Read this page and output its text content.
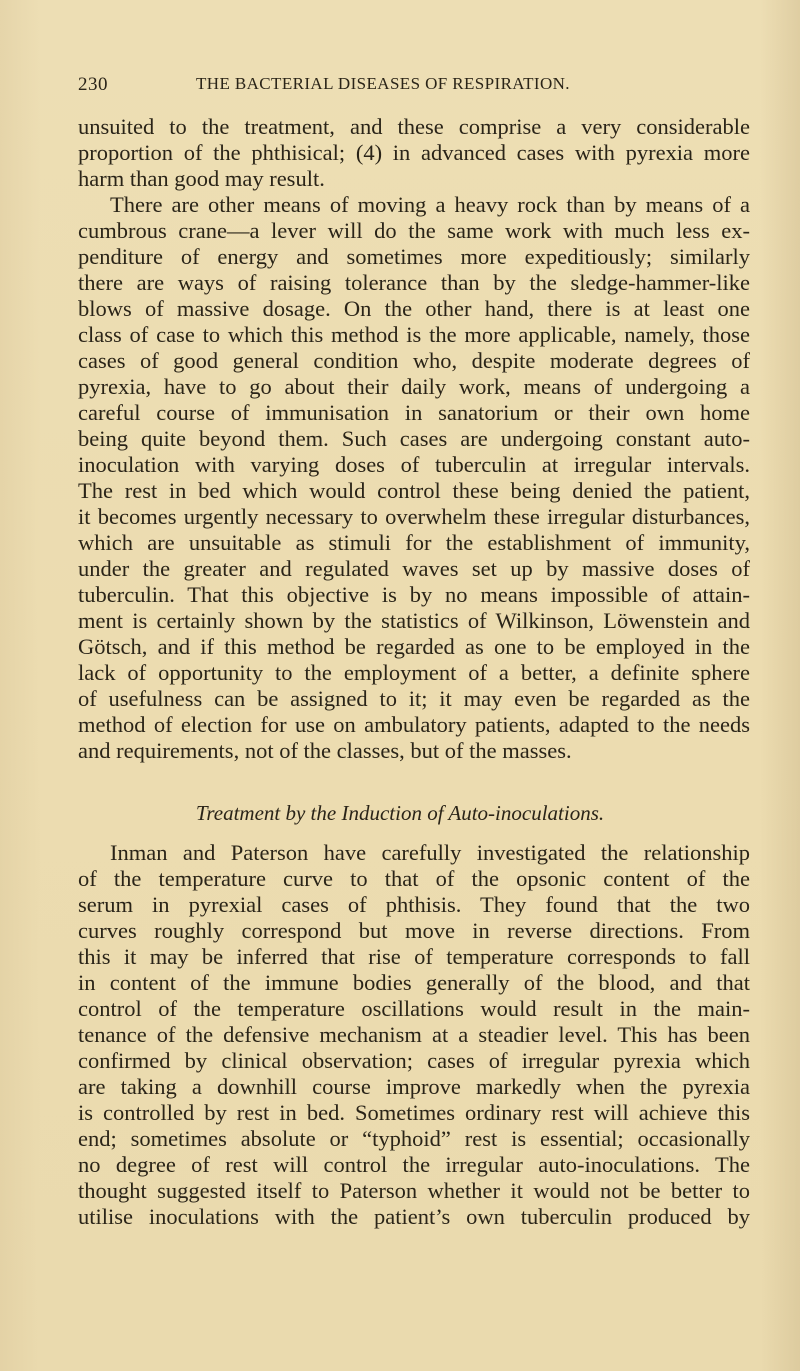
230	THE BACTERIAL DISEASES OF RESPIRATION.
unsuited to the treatment, and these comprise a very considerable
proportion of the phthisical; (4) in advanced cases with pyrexia more
harm than good may result.
There are other means of moving a heavy rock than by means of a
cumbrous crane—a lever will do the same work with much less ex-
penditure of energy and sometimes more expeditiously; similarly
there are ways of raising tolerance than by the sledge-hammer-like
blows of massive dosage. On the other hand, there is at least one
class of case to which this method is the more applicable, namely, those
cases of good general condition who, despite moderate degrees of
pyrexia, have to go about their daily work, means of undergoing a
careful course of immunisation in sanatorium or their own home
being quite beyond them. Such cases are undergoing constant auto-
inoculation with varying doses of tuberculin at irregular intervals.
The rest in bed which would control these being denied the patient,
it becomes urgently necessary to overwhelm these irregular disturbances,
which are unsuitable as stimuli for the establishment of immunity,
under the greater and regulated waves set up by massive doses of
tuberculin. That this objective is by no means impossible of attain-
ment is certainly shown by the statistics of Wilkinson, Löwenstein and
Götsch, and if this method be regarded as one to be employed in the
lack of opportunity to the employment of a better, a definite sphere
of usefulness can be assigned to it; it may even be regarded as the
method of election for use on ambulatory patients, adapted to the needs
and requirements, not of the classes, but of the masses.
Treatment by the Induction of Auto-inoculations.
Inman and Paterson have carefully investigated the relationship
of the temperature curve to that of the opsonic content of the
serum in pyrexial cases of phthisis. They found that the two
curves roughly correspond but move in reverse directions. From
this it may be inferred that rise of temperature corresponds to fall
in content of the immune bodies generally of the blood, and that
control of the temperature oscillations would result in the main-
tenance of the defensive mechanism at a steadier level. This has been
confirmed by clinical observation; cases of irregular pyrexia which
are taking a downhill course improve markedly when the pyrexia
is controlled by rest in bed. Sometimes ordinary rest will achieve this
end; sometimes absolute or “typhoid” rest is essential; occasionally
no degree of rest will control the irregular auto-inoculations. The
thought suggested itself to Paterson whether it would not be better to
utilise inoculations with the patient’s own tuberculin produced by
